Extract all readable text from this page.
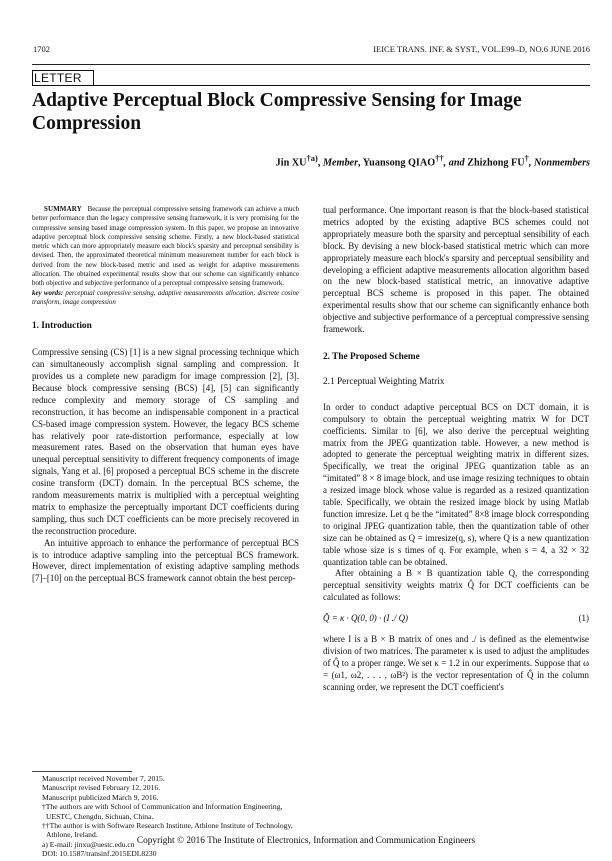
1702	IEICE TRANS. INF. & SYST., VOL.E99–D, NO.6 JUNE 2016
LETTER
Adaptive Perceptual Block Compressive Sensing for Image Compression
Jin XU$^{\dagger a)}$, Member, Yuansong QIAO††, and Zhizhong FU†, Nonmembers

SUMMARY Because the perceptual compressive sensing framework can achieve a much better performance than the legacy compressive sensing framework, it is very promising for the compressive sensing based image compression system. In this paper, we propose an innovative adaptive perceptual block compressive sensing scheme. Firstly, a new block-based statistical metric which can more appropriately measure each block's sparsity and perceptual sensibility is devised. Then, the approximated theoretical minimum measurement number for each block is derived from the new block-based metric and used as weight for adaptive measurements allocation. The obtained experimental results show that our scheme can significantly enhance both objective and subjective performance of a perceptual compressive sensing framework.

key words: perceptual compressive sensing, adaptive measurements allocation, discrete cosine transform, image compression

1. Introduction

Compressive sensing (CS) [1] is a new signal processing technique which can simultaneously accomplish signal sampling and compression. It provides us a complete new paradigm for image compression [2], [3]. Because block compressive sensing (BCS) [4], [5] can significantly reduce complexity and memory storage of CS sampling and reconstruction, it has become an indispensable component in a practical CS-based image compression system. However, the legacy BCS scheme has relatively poor rate-distortion performance, especially at low measurement rates. Based on the observation that human eyes have unequal perceptual sensitivity to different frequency components of image signals, Yang et al. [6] proposed a perceptual BCS scheme in the discrete cosine transform (DCT) domain. In the perceptual BCS scheme, the random measurements matrix is multiplied with a perceptual weighting matrix to emphasize the perceptually important DCT coefficients during sampling, thus such DCT coefficients can be more precisely recovered in the reconstruction procedure.

An intuitive approach to enhance the performance of perceptual BCS is to introduce adaptive sampling into the perceptual BCS framework. However, direct implementation of existing adaptive sampling methods [7]–[10] on the perceptual BCS framework cannot obtain the best percep-

tual performance. One important reason is that the block-based statistical metrics adopted by the existing adaptive BCS schemes could not appropriately measure both the sparsity and perceptual sensibility of each block. By devising a new block-based statistical metric which can more appropriately measure each block's sparsity and perceptual sensibility and developing a efficient adaptive measurements allocation algorithm based on the new block-based statistical metric, an innovative adaptive perceptual BCS scheme is proposed in this paper. The obtained experimental results show that our scheme can significantly enhance both objective and subjective performance of a perceptual compressive sensing framework.

2. The Proposed Scheme
2.1 Perceptual Weighting Matrix

In order to conduct adaptive perceptual BCS on DCT domain, it is compulsory to obtain the perceptual weighting matrix W for DCT coefficients. Similar to [6], we also derive the perceptual weighting matrix from the JPEG quantization table. However, a new method is adopted to generate the perceptual weighting matrix in different sizes. Specifically, we treat the original JPEG quantization table as an “imitated” 8 × 8 image block, and use image resizing techniques to obtain a resized image block whose value is regarded as a resized quantization table. Specifically, we obtain the resized image block by using Matlab function imresize. Let q be the “imitated” 8×8 image block corresponding to original JPEG quantization table, then the quantization table of other size can be obtained as Q = imresize(q, s), where Q is a new quantization table whose size is s times of q. For example, when s = 4, a 32 × 32 quantization table can be obtained.

After obtaining a B × B quantization table Q, the corresponding perceptual sensitivity weights matrix Q̂ for DCT coefficients can be calculated as follows:

Q̂ = κ · Q(0, 0) · (I ./ Q)	(1)

where I is a B × B matrix of ones and ./ is defined as the elementwise division of two matrices. The parameter κ is used to adjust the amplitudes of Q̂ to a proper range. We set κ = 1.2 in our experiments. Suppose that ω = (ω1, ω2, . . . , ωB²) is the vector representation of Q̂ in the column scanning order, we represent the DCT coefficient's

Manuscript received November 7, 2015.
Manuscript revised February 12, 2016.
Manuscript publicized March 9, 2016.
†The authors are with School of Communication and Information Engineering, UESTC, Chengdu, Sichuan, China.
††The author is with Software Research Institute, Athlone Institute of Technology, Athlone, Ireland.
a) E-mail: jinxu@uestc.edu.cn
DOI: 10.1587/transinf.2015EDL8230
Copyright © 2016 The Institute of Electronics, Information and Communication Engineers
